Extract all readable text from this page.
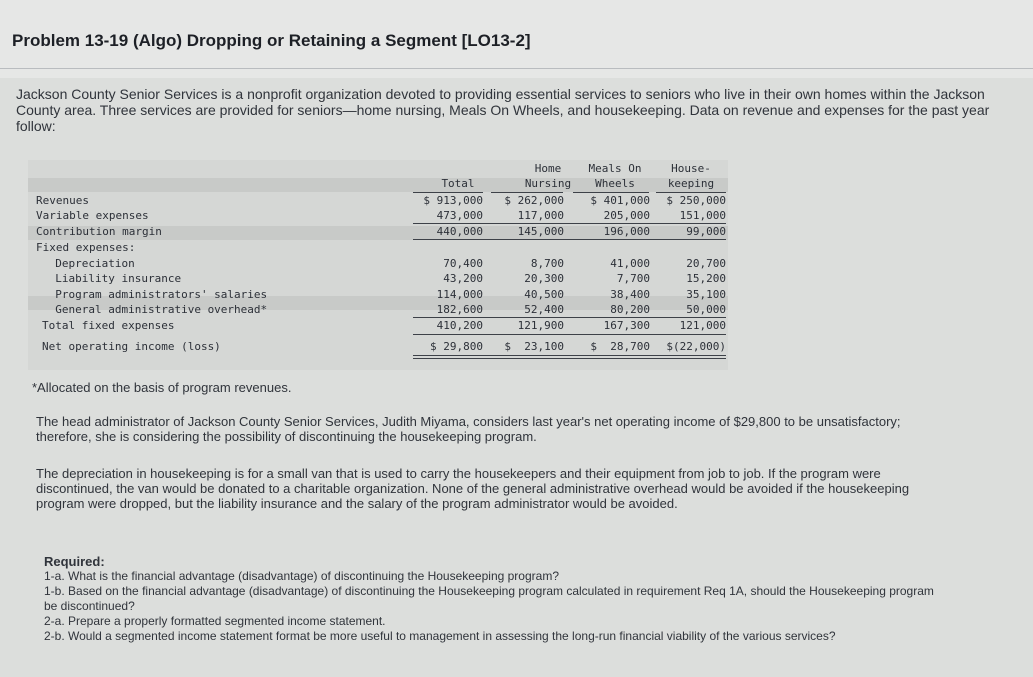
Problem 13-19 (Algo) Dropping or Retaining a Segment [LO13-2]
Jackson County Senior Services is a nonprofit organization devoted to providing essential services to seniors who live in their own homes within the Jackson County area. Three services are provided for seniors—home nursing, Meals On Wheels, and housekeeping. Data on revenue and expenses for the past year follow:
Home
Nursing
Meals On
Wheels
House-
keeping
Total
Revenues
Variable expenses
Contribution margin
Fixed expenses:
Depreciation
Liability insurance
Program administrators' salaries
General administrative overhead*
Total fixed expenses
Net operating income (loss)
$ 913,000
473,000
440,000
70,400
43,200
114,000
182,600
410,200
$ 29,800
$ 262,000
117,000
145,000
8,700
20,300
40,500
52,400
121,900
$  23,100
$ 401,000
205,000
196,000
41,000
7,700
38,400
80,200
167,300
$  28,700
$ 250,000
151,000
99,000
20,700
15,200
35,100
50,000
121,000
$(22,000)
*Allocated on the basis of program revenues.
The head administrator of Jackson County Senior Services, Judith Miyama, considers last year's net operating income of $29,800 to be unsatisfactory; therefore, she is considering the possibility of discontinuing the housekeeping program.
The depreciation in housekeeping is for a small van that is used to carry the housekeepers and their equipment from job to job. If the program were discontinued, the van would be donated to a charitable organization. None of the general administrative overhead would be avoided if the housekeeping program were dropped, but the liability insurance and the salary of the program administrator would be avoided.
Required:
1-a. What is the financial advantage (disadvantage) of discontinuing the Housekeeping program?
1-b. Based on the financial advantage (disadvantage) of discontinuing the Housekeeping program calculated in requirement Req 1A, should the Housekeeping program be discontinued?
2-a. Prepare a properly formatted segmented income statement.
2-b. Would a segmented income statement format be more useful to management in assessing the long-run financial viability of the various services?
